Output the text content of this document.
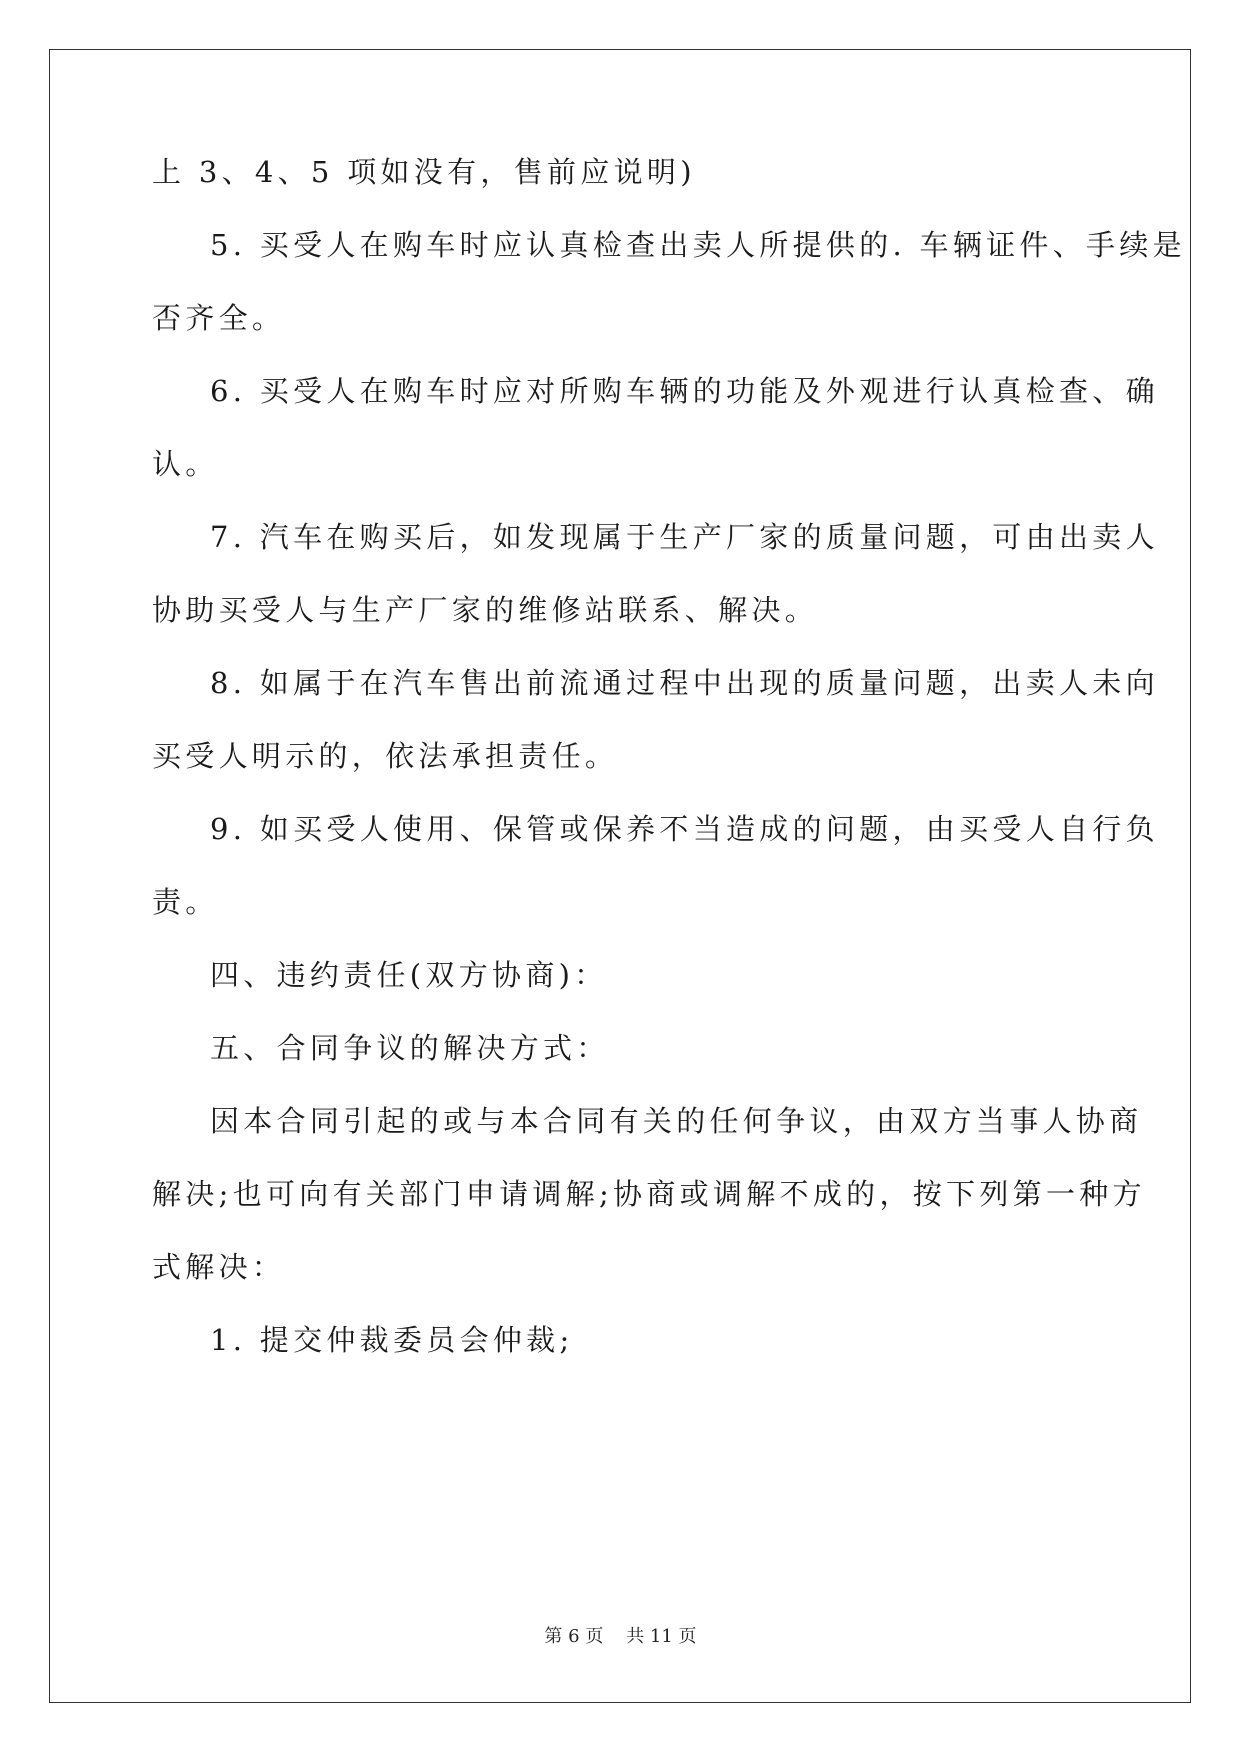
上 3、4、5 项如没有，售前应说明)
5. 买受人在购车时应认真检查出卖人所提供的. 车辆证件、手续是
否齐全。
6. 买受人在购车时应对所购车辆的功能及外观进行认真检查、确
认。
7. 汽车在购买后，如发现属于生产厂家的质量问题，可由出卖人
协助买受人与生产厂家的维修站联系、解决。
8. 如属于在汽车售出前流通过程中出现的质量问题，出卖人未向
买受人明示的，依法承担责任。
9. 如买受人使用、保管或保养不当造成的问题，由买受人自行负
责。
四、违约责任(双方协商)：
五、合同争议的解决方式：
因本合同引起的或与本合同有关的任何争议，由双方当事人协商
解决;也可向有关部门申请调解;协商或调解不成的，按下列第一种方
式解决：
1. 提交仲裁委员会仲裁;
第 6 页    共 11 页
